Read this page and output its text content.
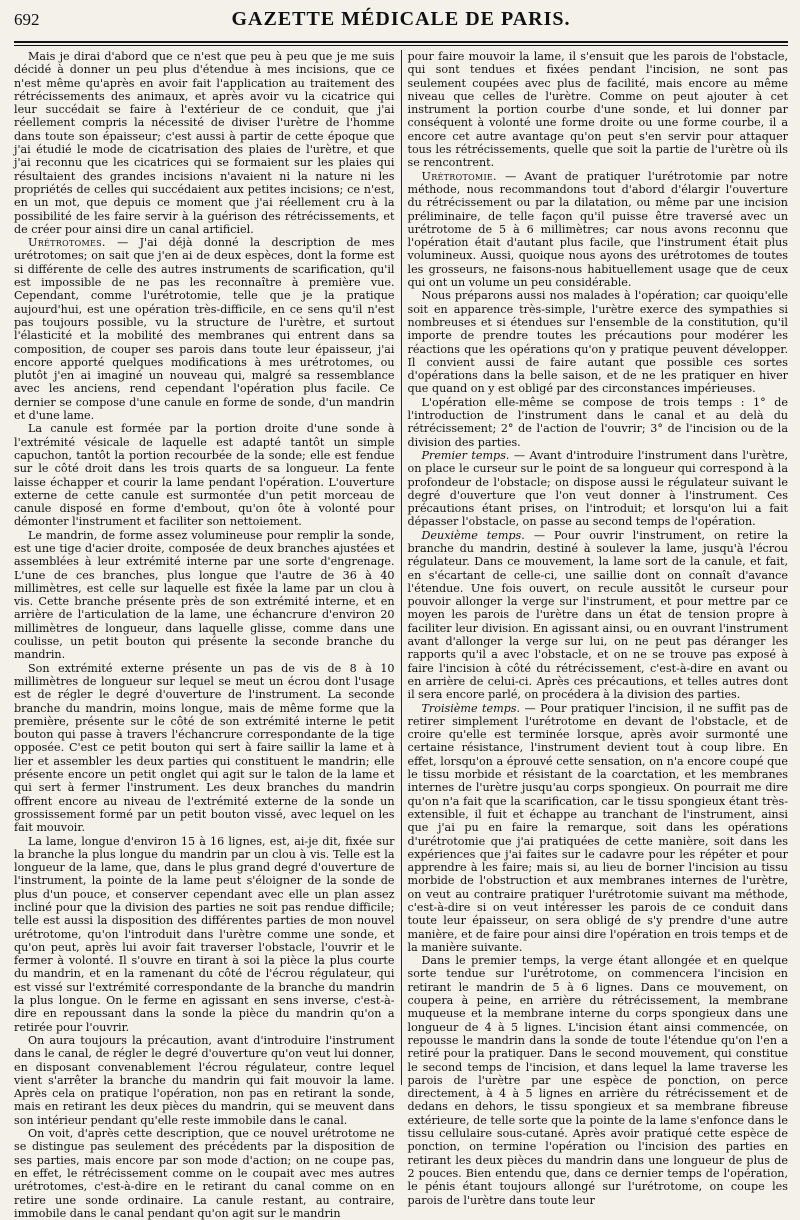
692	GAZETTE MÉDICALE DE PARIS.

Mais je dirai d'abord que ce n'est que peu à peu que je me suis décidé à donner un peu plus d'étendue à mes incisions, que ce n'est même qu'après en avoir fait l'application au traitement des rétrécissements des animaux, et après avoir vu la cicatrice qui leur succédait se faire à l'extérieur de ce conduit, que j'ai réellement compris la nécessité de diviser l'urètre de l'homme dans toute son épaisseur; c'est aussi à partir de cette époque que j'ai étudié le mode de cicatrisation des plaies de l'urètre, et que j'ai reconnu que les cicatrices qui se formaient sur les plaies qui résultaient des grandes incisions n'avaient ni la nature ni les propriétés de celles qui succédaient aux petites incisions; ce n'est, en un mot, que depuis ce moment que j'ai réellement cru à la possibilité de les faire servir à la guérison des rétrécissements, et de créer pour ainsi dire un canal artificiel.

Urétrotomes. — J'ai déjà donné la description de mes urétrotomes; on sait que j'en ai de deux espèces, dont la forme est si différente de celle des autres instruments de scarification, qu'il est impossible de ne pas les reconnaître à première vue. Cependant, comme l'urétrotomie, telle que je la pratique aujourd'hui, est une opération très-difficile, en ce sens qu'il n'est pas toujours possible, vu la structure de l'urètre, et surtout l'élasticité et la mobilité des membranes qui entrent dans sa composition, de couper ses parois dans toute leur épaisseur, j'ai encore apporté quelques modifications à mes urétrotomes, ou plutôt j'en ai imaginé un nouveau qui, malgré sa ressemblance avec les anciens, rend cependant l'opération plus facile. Ce dernier se compose d'une canule en forme de sonde, d'un mandrin et d'une lame.

La canule est formée par la portion droite d'une sonde à l'extrémité vésicale de laquelle est adapté tantôt un simple capuchon, tantôt la portion recourbée de la sonde; elle est fendue sur le côté droit dans les trois quarts de sa longueur. La fente laisse échapper et courir la lame pendant l'opération. L'ouverture externe de cette canule est surmontée d'un petit morceau de canule disposé en forme d'embout, qu'on ôte à volonté pour démonter l'instrument et faciliter son nettoiement.

Le mandrin, de forme assez volumineuse pour remplir la sonde, est une tige d'acier droite, composée de deux branches ajustées et assemblées à leur extrémité interne par une sorte d'engrenage. L'une de ces branches, plus longue que l'autre de 36 à 40 millimètres, est celle sur laquelle est fixée la lame par un clou à vis. Cette branche présente près de son extrémité interne, et en arrière de l'articulation de la lame, une échancrure d'environ 20 millimètres de longueur, dans laquelle glisse, comme dans une coulisse, un petit bouton qui présente la seconde branche du mandrin.

Son extrémité externe présente un pas de vis de 8 à 10 millimètres de longueur sur lequel se meut un écrou dont l'usage est de régler le degré d'ouverture de l'instrument. La seconde branche du mandrin, moins longue, mais de même forme que la première, présente sur le côté de son extrémité interne le petit bouton qui passe à travers l'échancrure correspondante de la tige opposée. C'est ce petit bouton qui sert à faire saillir la lame et à lier et assembler les deux parties qui constituent le mandrin; elle présente encore un petit onglet qui agit sur le talon de la lame et qui sert à fermer l'instrument. Les deux branches du mandrin offrent encore au niveau de l'extrémité externe de la sonde un grossissement formé par un petit bouton vissé, avec lequel on les fait mouvoir.

La lame, longue d'environ 15 à 16 lignes, est, ai-je dit, fixée sur la branche la plus longue du mandrin par un clou à vis. Telle est la longueur de la lame, que, dans le plus grand degré d'ouverture de l'instrument, la pointe de la lame peut s'éloigner de la sonde de plus d'un pouce, et conserver cependant avec elle un plan assez incliné pour que la division des parties ne soit pas rendue difficile; telle est aussi la disposition des différentes parties de mon nouvel urétrotome, qu'on l'introduit dans l'urètre comme une sonde, et qu'on peut, après lui avoir fait traverser l'obstacle, l'ouvrir et le fermer à volonté. Il s'ouvre en tirant à soi la pièce la plus courte du mandrin, et en la ramenant du côté de l'écrou régulateur, qui est vissé sur l'extrémité correspondante de la branche du mandrin la plus longue. On le ferme en agissant en sens inverse, c'est-à-dire en repoussant dans la sonde la pièce du mandrin qu'on a retirée pour l'ouvrir.

On aura toujours la précaution, avant d'introduire l'instrument dans le canal, de régler le degré d'ouverture qu'on veut lui donner, en disposant convenablement l'écrou régulateur, contre lequel vient s'arrêter la branche du mandrin qui fait mouvoir la lame. Après cela on pratique l'opération, non pas en retirant la sonde, mais en retirant les deux pièces du mandrin, qui se meuvent dans son intérieur pendant qu'elle reste immobile dans le canal.

On voit, d'après cette description, que ce nouvel urétrotome ne se distingue pas seulement des précédents par la disposition de ses parties, mais encore par son mode d'action; on ne coupe pas, en effet, le rétrécissement comme on le coupait avec mes autres urétrotomes, c'est-à-dire en le retirant du canal comme on en retire une sonde ordinaire. La canule restant, au contraire, immobile dans le canal pendant qu'on agit sur le mandrin

pour faire mouvoir la lame, il s'ensuit que les parois de l'obstacle, qui sont tendues et fixées pendant l'incision, ne sont pas seulement coupées avec plus de facilité, mais encore au même niveau que celles de l'urètre. Comme on peut ajouter à cet instrument la portion courbe d'une sonde, et lui donner par conséquent à volonté une forme droite ou une forme courbe, il a encore cet autre avantage qu'on peut s'en servir pour attaquer tous les rétrécissements, quelle que soit la partie de l'urètre où ils se rencontrent.

Urétrotomie. — Avant de pratiquer l'urétrotomie par notre méthode, nous recommandons tout d'abord d'élargir l'ouverture du rétrécissement ou par la dilatation, ou même par une incision préliminaire, de telle façon qu'il puisse être traversé avec un urétrotome de 5 à 6 millimètres; car nous avons reconnu que l'opération était d'autant plus facile, que l'instrument était plus volumineux. Aussi, quoique nous ayons des urétrotomes de toutes les grosseurs, ne faisons-nous habituellement usage que de ceux qui ont un volume un peu considérable.

Nous préparons aussi nos malades à l'opération; car quoiqu'elle soit en apparence très-simple, l'urètre exerce des sympathies si nombreuses et si étendues sur l'ensemble de la constitution, qu'il importe de prendre toutes les précautions pour modérer les réactions que les opérations qu'on y pratique peuvent développer. Il convient aussi de faire autant que possible ces sortes d'opérations dans la belle saison, et de ne les pratiquer en hiver que quand on y est obligé par des circonstances impérieuses.

L'opération elle-même se compose de trois temps : 1° de l'introduction de l'instrument dans le canal et au delà du rétrécissement; 2° de l'action de l'ouvrir; 3° de l'incision ou de la division des parties.

Premier temps. — Avant d'introduire l'instrument dans l'urètre, on place le curseur sur le point de sa longueur qui correspond à la profondeur de l'obstacle; on dispose aussi le régulateur suivant le degré d'ouverture que l'on veut donner à l'instrument. Ces précautions étant prises, on l'introduit; et lorsqu'on lui a fait dépasser l'obstacle, on passe au second temps de l'opération.

Deuxième temps. — Pour ouvrir l'instrument, on retire la branche du mandrin, destiné à soulever la lame, jusqu'à l'écrou régulateur. Dans ce mouvement, la lame sort de la canule, et fait, en s'écartant de celle-ci, une saillie dont on connaît d'avance l'étendue. Une fois ouvert, on recule aussitôt le curseur pour pouvoir allonger la verge sur l'instrument, et pour mettre par ce moyen les parois de l'urètre dans un état de tension propre à faciliter leur division. En agissant ainsi, ou en ouvrant l'instrument avant d'allonger la verge sur lui, on ne peut pas déranger les rapports qu'il a avec l'obstacle, et on ne se trouve pas exposé à faire l'incision à côté du rétrécissement, c'est-à-dire en avant ou en arrière de celui-ci. Après ces précautions, et telles autres dont il sera encore parlé, on procédera à la division des parties.

Troisième temps. — Pour pratiquer l'incision, il ne suffit pas de retirer simplement l'urétrotome en devant de l'obstacle, et de croire qu'elle est terminée lorsque, après avoir surmonté une certaine résistance, l'instrument devient tout à coup libre. En effet, lorsqu'on a éprouvé cette sensation, on n'a encore coupé que le tissu morbide et résistant de la coarctation, et les membranes internes de l'urètre jusqu'au corps spongieux. On pourrait me dire qu'on n'a fait que la scarification, car le tissu spongieux étant très-extensible, il fuit et échappe au tranchant de l'instrument, ainsi que j'ai pu en faire la remarque, soit dans les opérations d'urétrotomie que j'ai pratiquées de cette manière, soit dans les expériences que j'ai faites sur le cadavre pour les répéter et pour apprendre à les faire; mais si, au lieu de borner l'incision au tissu morbide de l'obstruction et aux membranes internes de l'urètre, on veut au contraire pratiquer l'urétrotomie suivant ma méthode, c'est-à-dire si on veut intéresser les parois de ce conduit dans toute leur épaisseur, on sera obligé de s'y prendre d'une autre manière, et de faire pour ainsi dire l'opération en trois temps et de la manière suivante.

Dans le premier temps, la verge étant allongée et en quelque sorte tendue sur l'urétrotome, on commencera l'incision en retirant le mandrin de 5 à 6 lignes. Dans ce mouvement, on coupera à peine, en arrière du rétrécissement, la membrane muqueuse et la membrane interne du corps spongieux dans une longueur de 4 à 5 lignes. L'incision étant ainsi commencée, on repousse le mandrin dans la sonde de toute l'étendue qu'on l'en a retiré pour la pratiquer. Dans le second mouvement, qui constitue le second temps de l'incision, et dans lequel la lame traverse les parois de l'urètre par une espèce de ponction, on perce directement, à 4 à 5 lignes en arrière du rétrécissement et de dedans en dehors, le tissu spongieux et sa membrane fibreuse extérieure, de telle sorte que la pointe de la lame s'enfonce dans le tissu cellulaire sous-cutané. Après avoir pratiqué cette espèce de ponction, on termine l'opération ou l'incision des parties en retirant les deux pièces du mandrin dans une longueur de plus de 2 pouces. Bien entendu que, dans ce dernier temps de l'opération, le pénis étant toujours allongé sur l'urétrotome, on coupe les parois de l'urètre dans toute leur
